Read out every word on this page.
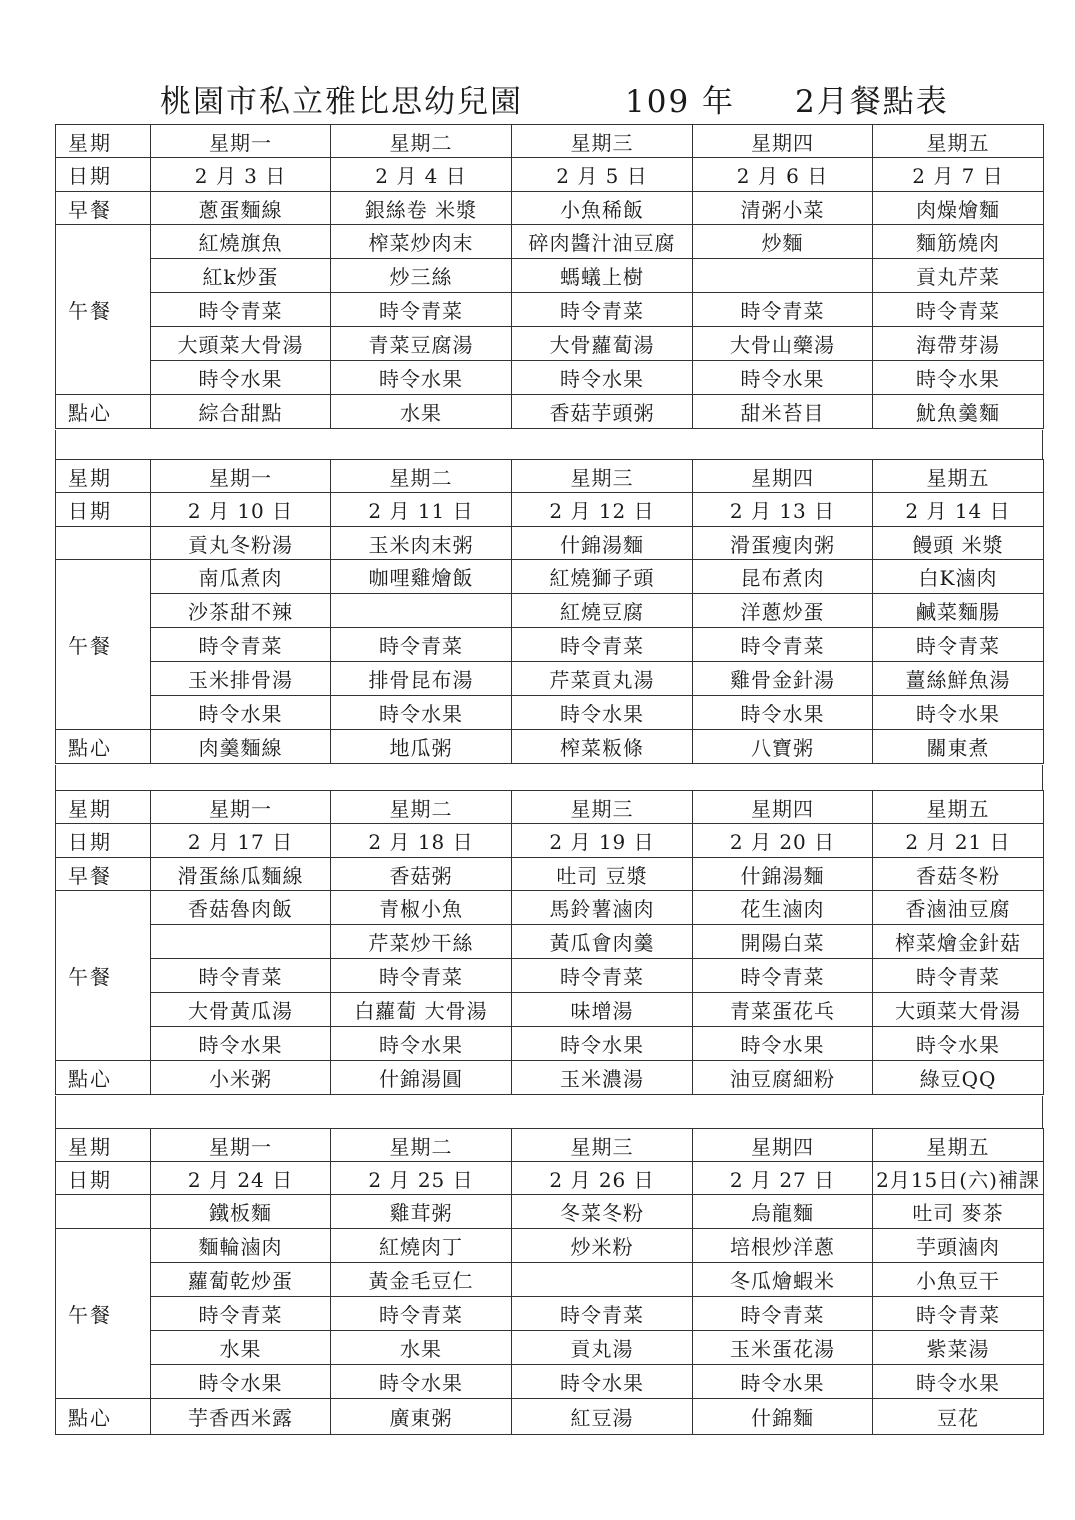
桃園市私立雅比思幼兒園	109 年 2月餐點表
星期	星期一	星期二	星期三	星期四	星期五
日期	2 月 3 日	2 月 4 日	2 月 5 日	2 月 6 日	2 月 7 日
早餐	蔥蛋麵線	銀絲卷 米漿	小魚稀飯	清粥小菜	肉燥燴麵
午餐	紅燒旗魚	榨菜炒肉末	碎肉醬汁油豆腐	炒麵	麵筋燒肉
	紅k炒蛋	炒三絲	螞蟻上樹		貢丸芹菜
	時令青菜	時令青菜	時令青菜	時令青菜	時令青菜
	大頭菜大骨湯	青菜豆腐湯	大骨蘿蔔湯	大骨山藥湯	海帶芽湯
	時令水果	時令水果	時令水果	時令水果	時令水果
點心	綜合甜點	水果	香菇芋頭粥	甜米苔目	魷魚羹麵
星期	星期一	星期二	星期三	星期四	星期五
日期	2 月 10 日	2 月 11 日	2 月 12 日	2 月 13 日	2 月 14 日
	貢丸冬粉湯	玉米肉末粥	什錦湯麵	滑蛋瘦肉粥	饅頭 米漿
午餐	南瓜煮肉	咖哩雞燴飯	紅燒獅子頭	昆布煮肉	白K滷肉
	沙茶甜不辣		紅燒豆腐	洋蔥炒蛋	鹹菜麵腸
	時令青菜	時令青菜	時令青菜	時令青菜	時令青菜
	玉米排骨湯	排骨昆布湯	芹菜貢丸湯	雞骨金針湯	薑絲鮮魚湯
	時令水果	時令水果	時令水果	時令水果	時令水果
點心	肉羹麵線	地瓜粥	榨菜粄條	八寶粥	關東煮
星期	星期一	星期二	星期三	星期四	星期五
日期	2 月 17 日	2 月 18 日	2 月 19 日	2 月 20 日	2 月 21 日
早餐	滑蛋絲瓜麵線	香菇粥	吐司 豆漿	什錦湯麵	香菇冬粉
午餐	香菇魯肉飯	青椒小魚	馬鈴薯滷肉	花生滷肉	香滷油豆腐
		芹菜炒干絲	黃瓜會肉羹	開陽白菜	榨菜燴金針菇
	時令青菜	時令青菜	時令青菜	時令青菜	時令青菜
	大骨黃瓜湯	白蘿蔔 大骨湯	味增湯	青菜蛋花乓	大頭菜大骨湯
	時令水果	時令水果	時令水果	時令水果	時令水果
點心	小米粥	什錦湯圓	玉米濃湯	油豆腐細粉	綠豆QQ
星期	星期一	星期二	星期三	星期四	星期五
日期	2 月 24 日	2 月 25 日	2 月 26 日	2 月 27 日	2月15日(六)補課
	鐵板麵	雞茸粥	冬菜冬粉	烏龍麵	吐司 麥茶
午餐	麵輪滷肉	紅燒肉丁	炒米粉	培根炒洋蔥	芋頭滷肉
	蘿蔔乾炒蛋	黃金毛豆仁		冬瓜燴蝦米	小魚豆干
	時令青菜	時令青菜	時令青菜	時令青菜	時令青菜
	水果	水果	貢丸湯	玉米蛋花湯	紫菜湯
	時令水果	時令水果	時令水果	時令水果	時令水果
點心	芋香西米露	廣東粥	紅豆湯	什錦麵	豆花
